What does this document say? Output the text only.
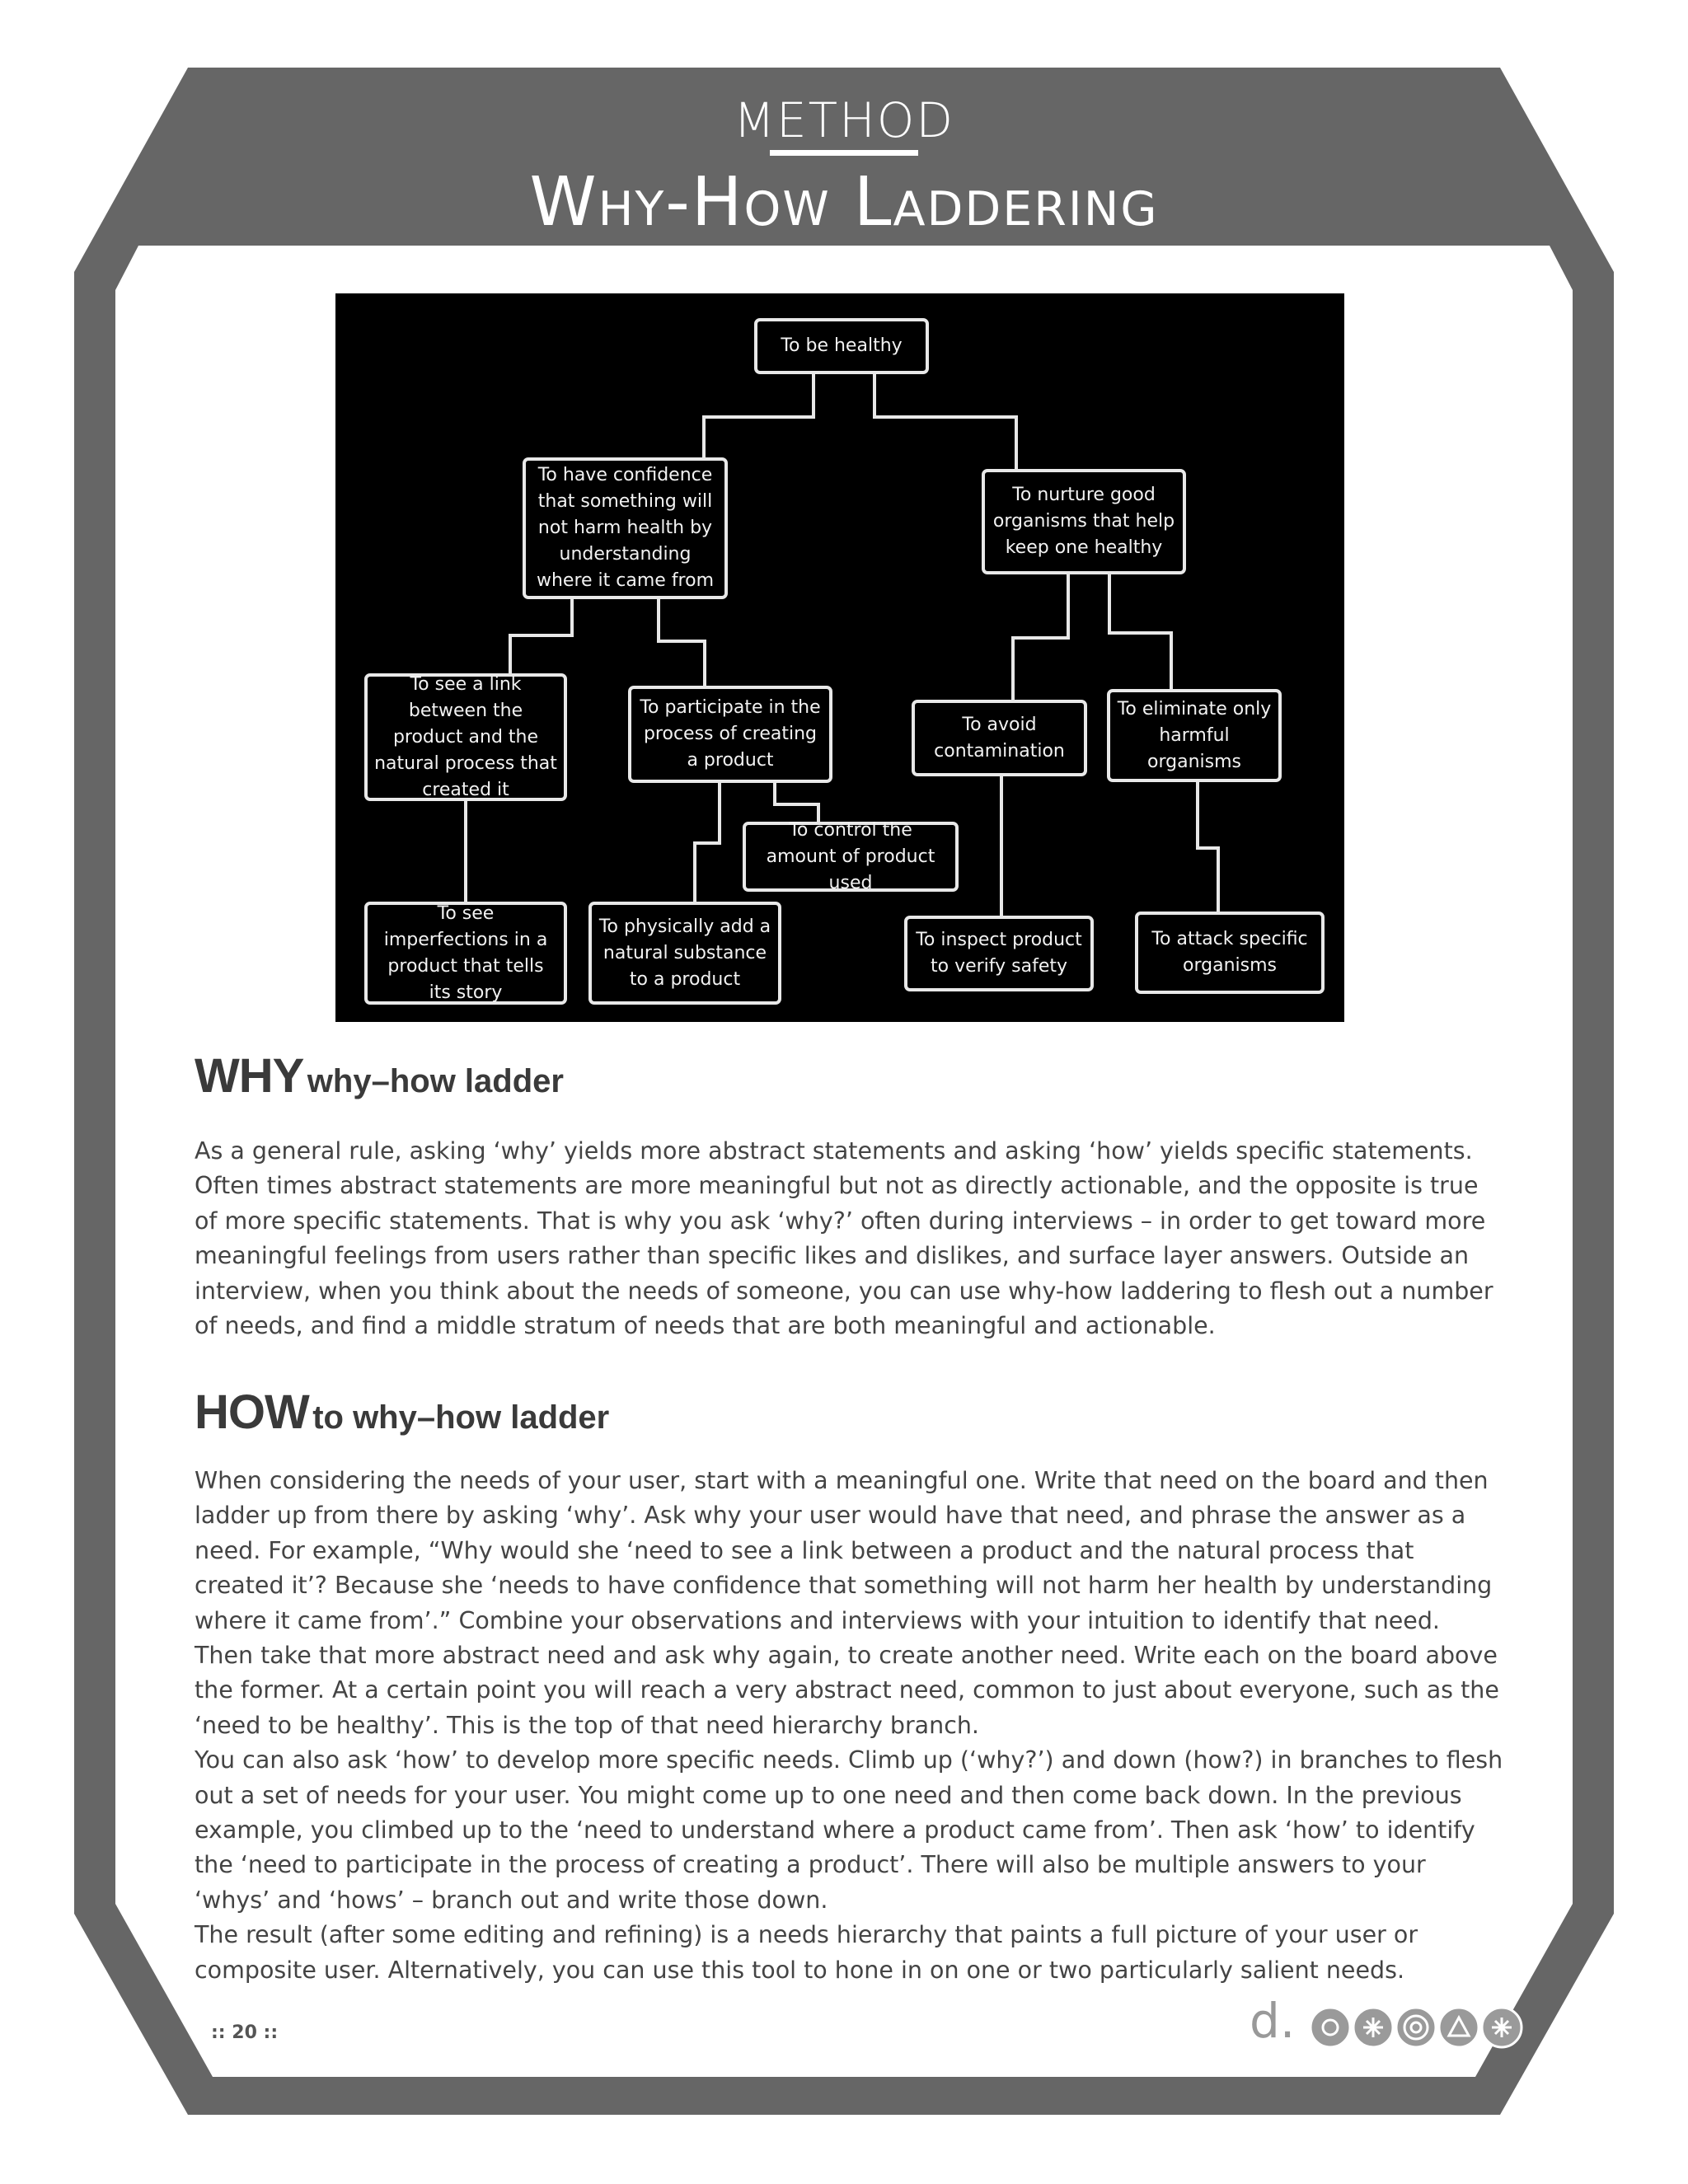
METHOD
Why-How Laddering
To be healthy
To have confidence that something will not harm health by understanding where it came from
To nurture good organisms that help keep one healthy
To see a link between the product and the natural process that created it
To participate in the process of creating a product
To avoid contamination
To eliminate only harmful organisms
To control the amount of product used
To see imperfections in a product that tells its story
To physically add a natural substance to a product
To inspect product to verify safety
To attack specific organisms
WHY why–how ladder

As a general rule, asking ‘why’ yields more abstract statements and asking ‘how’ yields specific statements. Often times abstract statements are more meaningful but not as directly actionable, and the opposite is true of more specific statements. That is why you ask ‘why?’ often during interviews – in order to get toward more meaningful feelings from users rather than specific likes and dislikes, and surface layer answers. Outside an interview, when you think about the needs of someone, you can use why-how laddering to flesh out a number of needs, and find a middle stratum of needs that are both meaningful and actionable.

HOW to why–how ladder

When considering the needs of your user, start with a meaningful one. Write that need on the board and then ladder up from there by asking ‘why’. Ask why your user would have that need, and phrase the answer as a need. For example, “Why would she ‘need to see a link between a product and the natural process that created it’? Because she ‘needs to have confidence that something will not harm her health by understanding where it came from’.” Combine your observations and interviews with your intuition to identify that need. Then take that more abstract need and ask why again, to create another need. Write each on the board above the former. At a certain point you will reach a very abstract need, common to just about everyone, such as the ‘need to be healthy’. This is the top of that need hierarchy branch.

You can also ask ‘how’ to develop more specific needs. Climb up (‘why?’) and down (how?) in branches to flesh out a set of needs for your user. You might come up to one need and then come back down. In the previous example, you climbed up to the ‘need to understand where a product came from’. Then ask ‘how’ to identify the ‘need to participate in the process of creating a product’. There will also be multiple answers to your ‘whys’ and ‘hows’ – branch out and write those down.

The result (after some editing and refining) is a needs hierarchy that paints a full picture of your user or composite user. Alternatively, you can use this tool to hone in on one or two particularly salient needs.

:: 20 ::	d.
